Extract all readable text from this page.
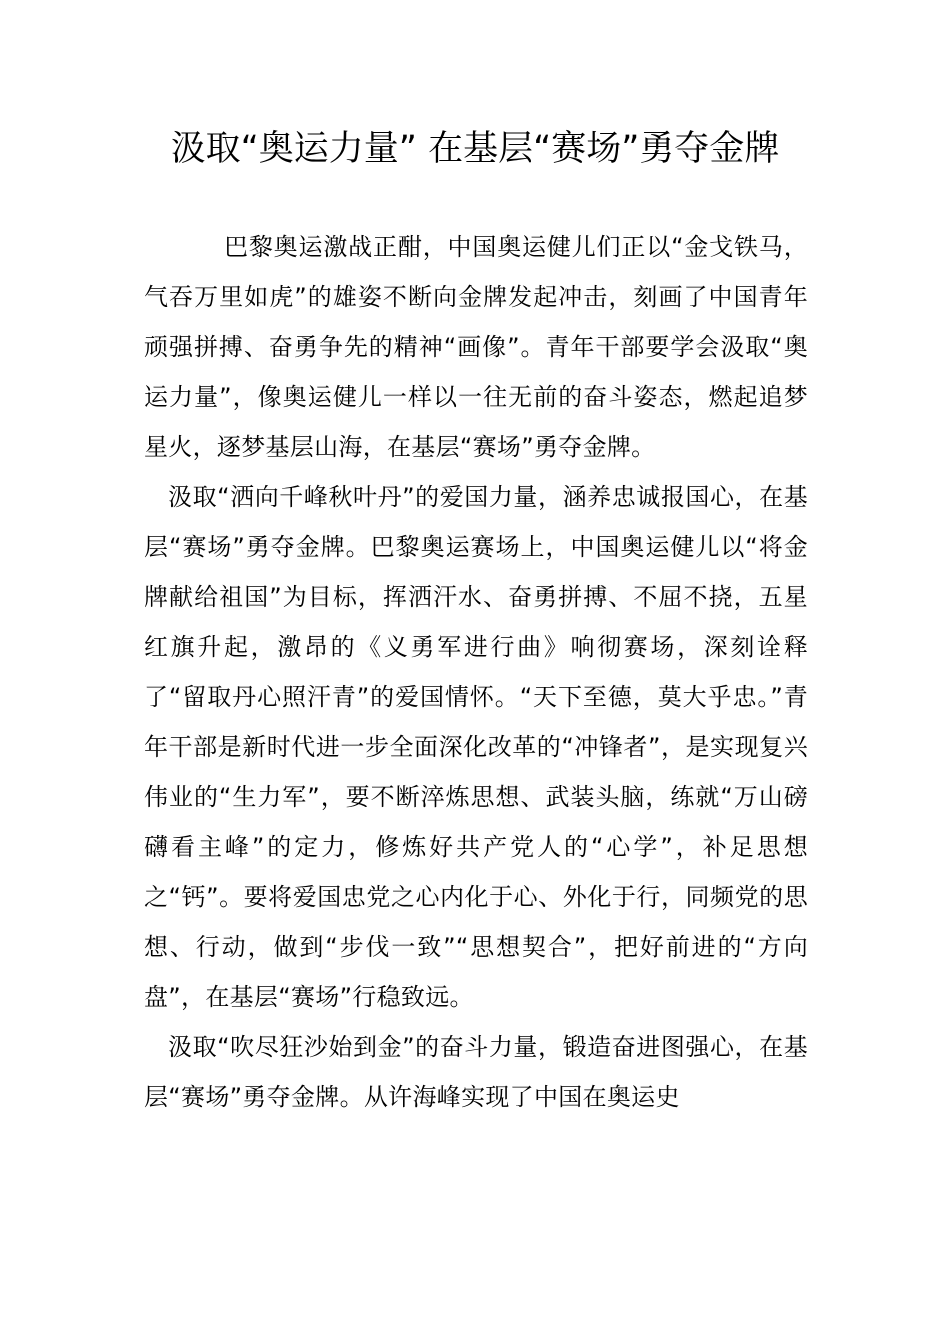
汲取“奥运力量” 在基层“赛场”勇夺金牌

巴黎奥运激战正酣，中国奥运健儿们正以“金戈铁马，气吞万里如虎”的雄姿不断向金牌发起冲击，刻画了中国青年顽强拼搏、奋勇争先的精神“画像”。青年干部要学会汲取“奥运力量”，像奥运健儿一样以一往无前的奋斗姿态，燃起追梦星火，逐梦基层山海，在基层“赛场”勇夺金牌。

汲取“洒向千峰秋叶丹”的爱国力量，涵养忠诚报国心，在基层“赛场”勇夺金牌。巴黎奥运赛场上，中国奥运健儿以“将金牌献给祖国”为目标，挥洒汗水、奋勇拼搏、不屈不挠，五星红旗升起，激昂的《义勇军进行曲》响彻赛场，深刻诠释了“留取丹心照汗青”的爱国情怀。“天下至德，莫大乎忠。”青年干部是新时代进一步全面深化改革的“冲锋者”，是实现复兴伟业的“生力军”，要不断淬炼思想、武装头脑，练就“万山磅礴看主峰”的定力，修炼好共产党人的“心学”，补足思想之“钙”。要将爱国忠党之心内化于心、外化于行，同频党的思想、行动，做到“步伐一致”“思想契合”，把好前进的“方向盘”，在基层“赛场”行稳致远。

汲取“吹尽狂沙始到金”的奋斗力量，锻造奋进图强心，在基层“赛场”勇夺金牌。从许海峰实现了中国在奥运史
